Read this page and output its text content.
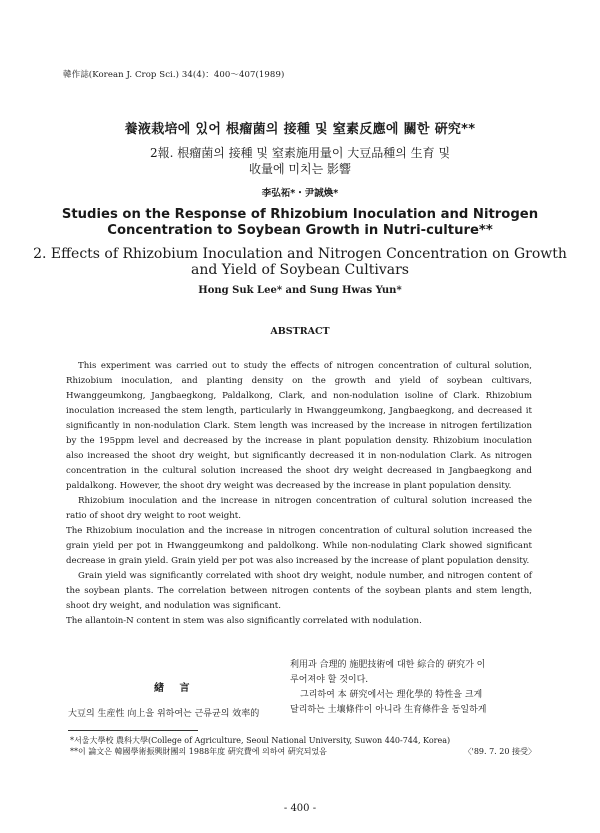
韓作誌(Korean J. Crop Sci.) 34(4)：400～407(1989)
養液栽培에 있어 根瘤菌의 接種 및 窒素反應에 關한 硏究**
2報. 根瘤菌의 接種 및 窒素施用量이 大豆品種의 生育 및
收量에 미치는 影響
李弘祏*・尹誠煥*
Studies on the Response of Rhizobium Inoculation and Nitrogen Concentration to Soybean Growth in Nutri-culture**
2. Effects of Rhizobium Inoculation and Nitrogen Concentration on Growth and Yield of Soybean Cultivars
Hong Suk Lee* and Sung Hwas Yun*
ABSTRACT

This experiment was carried out to study the effects of nitrogen concentration of cultural solution, Rhizobium inoculation, and planting density on the growth and yield of soybean cultivars, Hwanggeumkong, Jangbaegkong, Paldalkong, Clark, and non-nodulation isoline of Clark. Rhizobium inoculation increased the stem length, particularly in Hwanggeumkong, Jangbaegkong, and decreased it significantly in non-nodulation Clark. Stem length was increased by the increase in nitrogen fertilization by the 195ppm level and decreased by the increase in plant population density. Rhizobium inoculation also increased the shoot dry weight, but significantly decreased it in non-nodulation Clark. As nitrogen concentration in the cultural solution increased the shoot dry weight decreased in Jangbaegkong and paldalkong. However, the shoot dry weight was decreased by the increase in plant population density.

Rhizobium inoculation and the increase in nitrogen concentration of cultural solution increased the ratio of shoot dry weight to root weight.

The Rhizobium inoculation and the increase in nitrogen concentration of cultural solution increased the grain yield per pot in Hwanggeumkong and paldolkong. While non-nodulating Clark showed significant decrease in grain yield. Grain yield per pot was also increased by the increase of plant population density.

Grain yield was significantly correlated with shoot dry weight, nodule number, and nitrogen content of the soybean plants. The correlation between nitrogen contents of the soybean plants and stem length, shoot dry weight, and nodulation was significant.

The allantoin-N content in stem was also significantly correlated with nodulation.

緖 言
大豆의 生産性 向上을 위하여는 근류균의 效率的

利用과 合理的 施肥技術에 대한 綜合的 硏究가 이

루어져야 할 것이다.

그리하여 本 硏究에서는 理化學的 特性을 크게

달리하는 土壤條件이 아니라 生育條件을 동일하게

*서울大學校 農科大學(College of Agriculture, Seoul National University, Suwon 440-744, Korea)
**이 論文은 韓國學術振興財團의 1988年度 硏究費에 의하여 硏究되었음	〈'89. 7. 20 接受〉
- 400 -
